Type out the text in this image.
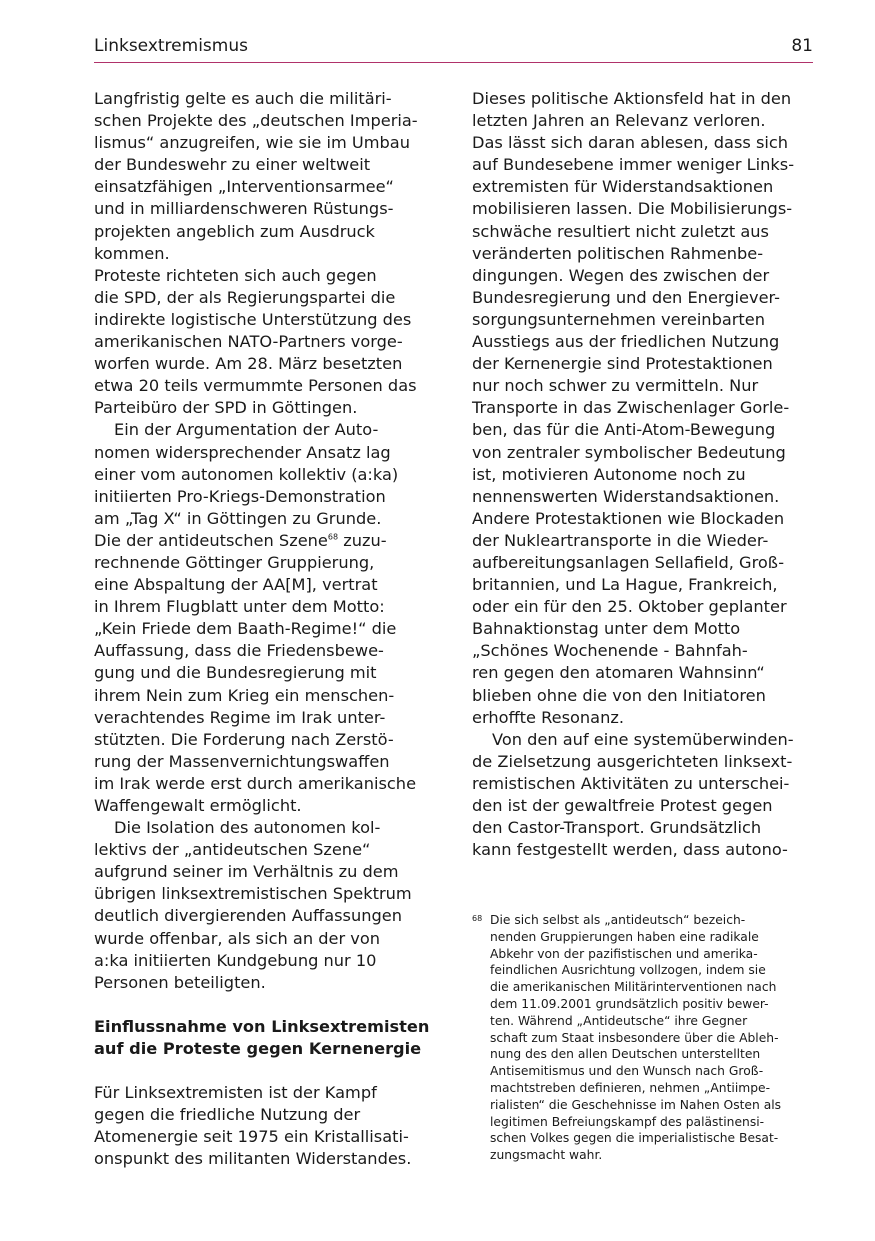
Linksextremismus	81

Langfristig gelte es auch die militäri-
schen Projekte des „deutschen Imperia-
lismus“ anzugreifen, wie sie im Umbau
der Bundeswehr zu einer weltweit
einsatzfähigen „Interventionsarmee“
und in milliardenschweren Rüstungs-
projekten angeblich zum Ausdruck
kommen.

Proteste richteten sich auch gegen
die SPD, der als Regierungspartei die
indirekte logistische Unterstützung des
amerikanischen NATO-Partners vorge-
worfen wurde. Am 28. März besetzten
etwa 20 teils vermummte Personen das
Parteibüro der SPD in Göttingen.

Ein der Argumentation der Auto-
nomen widersprechender Ansatz lag
einer vom autonomen kollektiv (a:ka)
initiierten Pro-Kriegs-Demonstration
am „Tag X“ in Göttingen zu Grunde.
Die der antideutschen Szene$^{68}$ zuzu-
rechnende Göttinger Gruppierung,
eine Abspaltung der AA[M], vertrat
in Ihrem Flugblatt unter dem Motto:
„Kein Friede dem Baath-Regime!“ die
Auffassung, dass die Friedensbewe-
gung und die Bundesregierung mit
ihrem Nein zum Krieg ein menschen-
verachtendes Regime im Irak unter-
stützten. Die Forderung nach Zerstö-
rung der Massenvernichtungswaffen
im Irak werde erst durch amerikanische
Waffengewalt ermöglicht.

Die Isolation des autonomen kol-
lektivs der „antideutschen Szene“
aufgrund seiner im Verhältnis zu dem
übrigen linksextremistischen Spektrum
deutlich divergierenden Auffassungen
wurde offenbar, als sich an der von
a:ka initiierten Kundgebung nur 10
Personen beteiligten.

Einflussnahme von Linksextremisten
auf die Proteste gegen Kernenergie

Für Linksextremisten ist der Kampf
gegen die friedliche Nutzung der
Atomenergie seit 1975 ein Kristallisati-
onspunkt des militanten Widerstandes.

Dieses politische Aktionsfeld hat in den
letzten Jahren an Relevanz verloren.
Das lässt sich daran ablesen, dass sich
auf Bundesebene immer weniger Links-
extremisten für Widerstandsaktionen
mobilisieren lassen. Die Mobilisierungs-
schwäche resultiert nicht zuletzt aus
veränderten politischen Rahmenbe-
dingungen. Wegen des zwischen der
Bundesregierung und den Energiever-
sorgungsunternehmen vereinbarten
Ausstiegs aus der friedlichen Nutzung
der Kernenergie sind Protestaktionen
nur noch schwer zu vermitteln. Nur
Transporte in das Zwischenlager Gorle-
ben, das für die Anti-Atom-Bewegung
von zentraler symbolischer Bedeutung
ist, motivieren Autonome noch zu
nennenswerten Widerstandsaktionen.
Andere Protestaktionen wie Blockaden
der Nukleartransporte in die Wieder-
aufbereitungsanlagen Sellafield, Groß-
britannien, und La Hague, Frankreich,
oder ein für den 25. Oktober geplanter
Bahnaktionstag unter dem Motto
„Schönes Wochenende - Bahnfah-
ren gegen den atomaren Wahnsinn“
blieben ohne die von den Initiatoren
erhoffte Resonanz.

Von den auf eine systemüberwinden-
de Zielsetzung ausgerichteten linksext-
remistischen Aktivitäten zu unterschei-
den ist der gewaltfreie Protest gegen
den Castor-Transport. Grundsätzlich
kann festgestellt werden, dass autono-

68 Die sich selbst als „antideutsch“ bezeich-
nenden Gruppierungen haben eine radikale
Abkehr von der pazifistischen und amerika-
feindlichen Ausrichtung vollzogen, indem sie
die amerikanischen Militärinterventionen nach
dem 11.09.2001 grundsätzlich positiv bewer-
ten. Während „Antideutsche“ ihre Gegner
schaft zum Staat insbesondere über die Ableh-
nung des den allen Deutschen unterstellten
Antisemitismus und den Wunsch nach Groß-
machtstreben definieren, nehmen „Antiimpe-
rialisten“ die Geschehnisse im Nahen Osten als
legitimen Befreiungskampf des palästinensi-
schen Volkes gegen die imperialistische Besat-
zungsmacht wahr.
